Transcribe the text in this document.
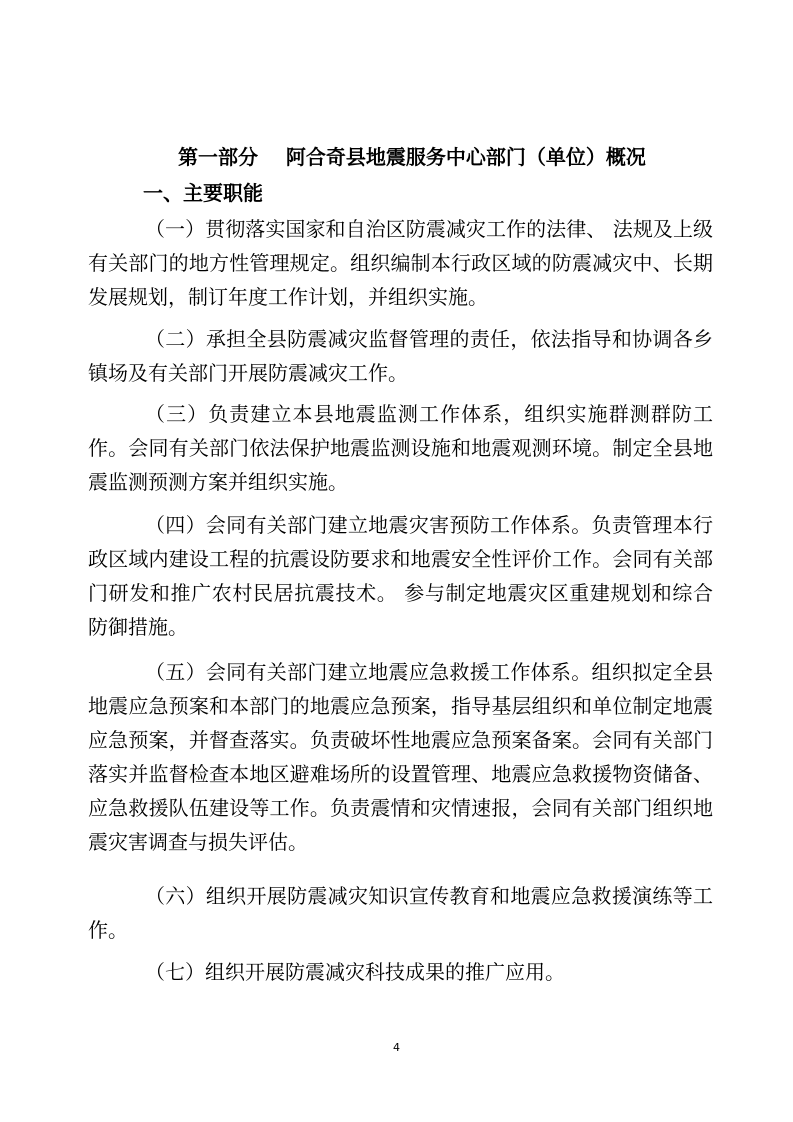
第一部分    阿合奇县地震服务中心部门（单位）概况
一、主要职能

（一）贯彻落实国家和自治区防震减灾工作的法律、 法规及上级有关部门的地方性管理规定。组织编制本行政区域的防震减灾中、长期发展规划，制订年度工作计划，并组织实施。

（二）承担全县防震减灾监督管理的责任，依法指导和协调各乡镇场及有关部门开展防震减灾工作。

（三）负责建立本县地震监测工作体系，组织实施群测群防工作。会同有关部门依法保护地震监测设施和地震观测环境。制定全县地震监测预测方案并组织实施。

（四）会同有关部门建立地震灾害预防工作体系。负责管理本行政区域内建设工程的抗震设防要求和地震安全性评价工作。会同有关部门研发和推广农村民居抗震技术。 参与制定地震灾区重建规划和综合防御措施。

（五）会同有关部门建立地震应急救援工作体系。组织拟定全县地震应急预案和本部门的地震应急预案，指导基层组织和单位制定地震应急预案，并督查落实。负责破坏性地震应急预案备案。会同有关部门落实并监督检查本地区避难场所的设置管理、地震应急救援物资储备、应急救援队伍建设等工作。负责震情和灾情速报，会同有关部门组织地震灾害调查与损失评估。

（六）组织开展防震减灾知识宣传教育和地震应急救援演练等工作。

（七）组织开展防震减灾科技成果的推广应用。

4
